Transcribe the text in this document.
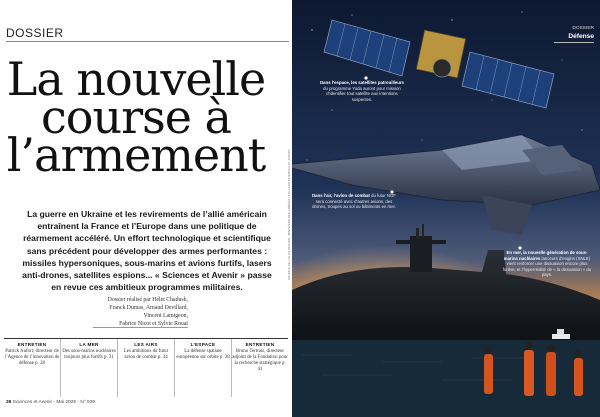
DOSSIER
La nouvelle
course à
l’armement
La guerre en Ukraine et les revirements de l’allié américain entraînent la France et l’Europe dans une politique de réarmement accéléré. Un effort technologique et scientifique sans précédent pour développer des armes performantes : missiles hypersoniques, sous-marins et avions furtifs, lasers anti-drones, satellites espions... « Sciences et Avenir » passe en revue ces ambitieux programmes militaires.
Dossier réalisé par Hélet Chadush,
Franck Dumas, Arnaud Devillard,
Vincent Lamigeon,
Fabrice Nicot et Sylvie Rouat
ENTRETIEN
Patrick Aufort, directeur de l’Agence de l’innovation de défense p. 28
LA MER
Des sous-marins nucléaires toujours plus furtifs p. 31
LES AIRS
Les ambitions du futur avion de combat p. 34
L’ESPACE
La défense spatiale européenne sur orbite p. 38
ENTRETIEN
Bruno Tertrais, directeur adjoint de la Fondation pour la recherche stratégique p. 41
26 Sciences et Avenir - Mai 2025 - N° 939
DOSSIER
Défense
Dans l’espace, les satellites patrouilleurs du programme Yoda auront pour mission d’identifier tout satellite aux intentions suspectes.
Dans l’air, l’avion de combat du futur NGF sera connecté avec d’autres avions, des drones, troupes au sol ou bâtiments en mer.
En mer, la nouvelle génération de sous-marins nucléaires lanceurs d’engins (SNLE) vient renforcer une dissuasion encore plus furtive, et l’hyperréalité de « la dissuasion » du pays.
SOURCE DE L'ILLUSTRATION : MINISTÈRE DES ARMÉES / COLLAGE SCIENCES ET AVENIR
